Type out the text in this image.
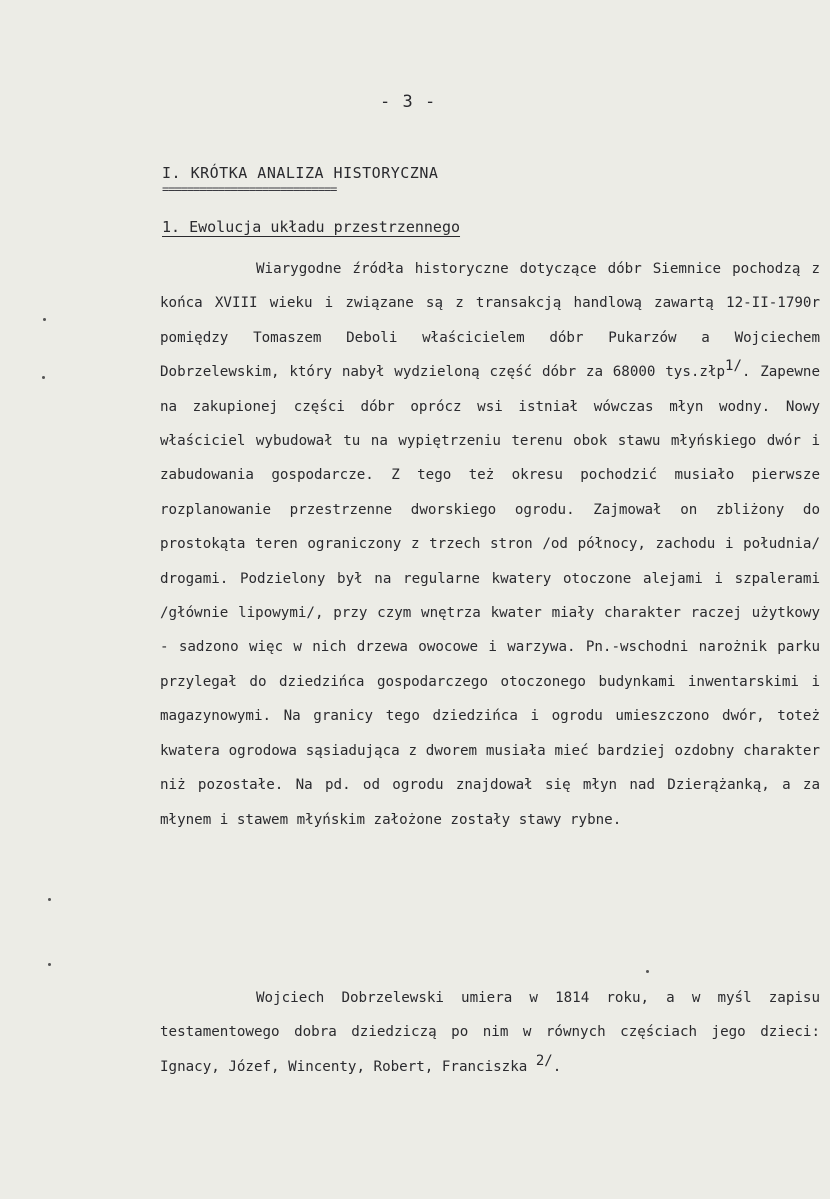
- 3 -
I. KRÓTKA ANALIZA HISTORYCZNA
============================
1. Ewolucja układu przestrzennego

Wiarygodne źródła historyczne dotyczące dóbr Siemnice pochodzą z końca XVIII wieku i związane są z transakcją handlową zawartą 12-II-1790r pomiędzy Tomaszem Deboli właścicielem dóbr Pukarzów a Wojciechem Dobrzelewskim, który nabył wydzieloną część dóbr za 68000 tys.złp$^{1/}$. Zapewne na zakupionej części dóbr oprócz wsi istniał wówczas młyn wodny. Nowy właściciel wybudował tu na wypiętrzeniu terenu obok stawu młyńskiego dwór i zabudowania gospodarcze. Z tego też okresu pochodzić musiało pierwsze rozplanowanie przestrzenne dworskiego ogrodu. Zajmował on zbliżony do prostokąta teren ograniczony z trzech stron /od północy, zachodu i południa/ drogami. Podzielony był na regularne kwatery otoczone alejami i szpalerami /głównie lipowymi/, przy czym wnętrza kwater miały charakter raczej użytkowy - sadzono więc w nich drzewa owocowe i warzywa. Pn.-wschodni narożnik parku przylegał do dziedzińca gospodarczego otoczonego budynkami inwentarskimi i magazynowymi. Na granicy tego dziedzińca i ogrodu umieszczono dwór, toteż kwatera ogrodowa sąsiadująca z dworem musiała mieć bardziej ozdobny charakter niż pozostałe. Na pd. od ogrodu znajdował się młyn nad Dzierążanką, a za młynem i stawem młyńskim założone zostały stawy rybne.

Wojciech Dobrzelewski umiera w 1814 roku, a w myśl zapisu testamentowego dobra dziedziczą po nim w równych częściach jego dzieci: Ignacy, Józef, Wincenty, Robert, Franciszka $^{2/}$.
